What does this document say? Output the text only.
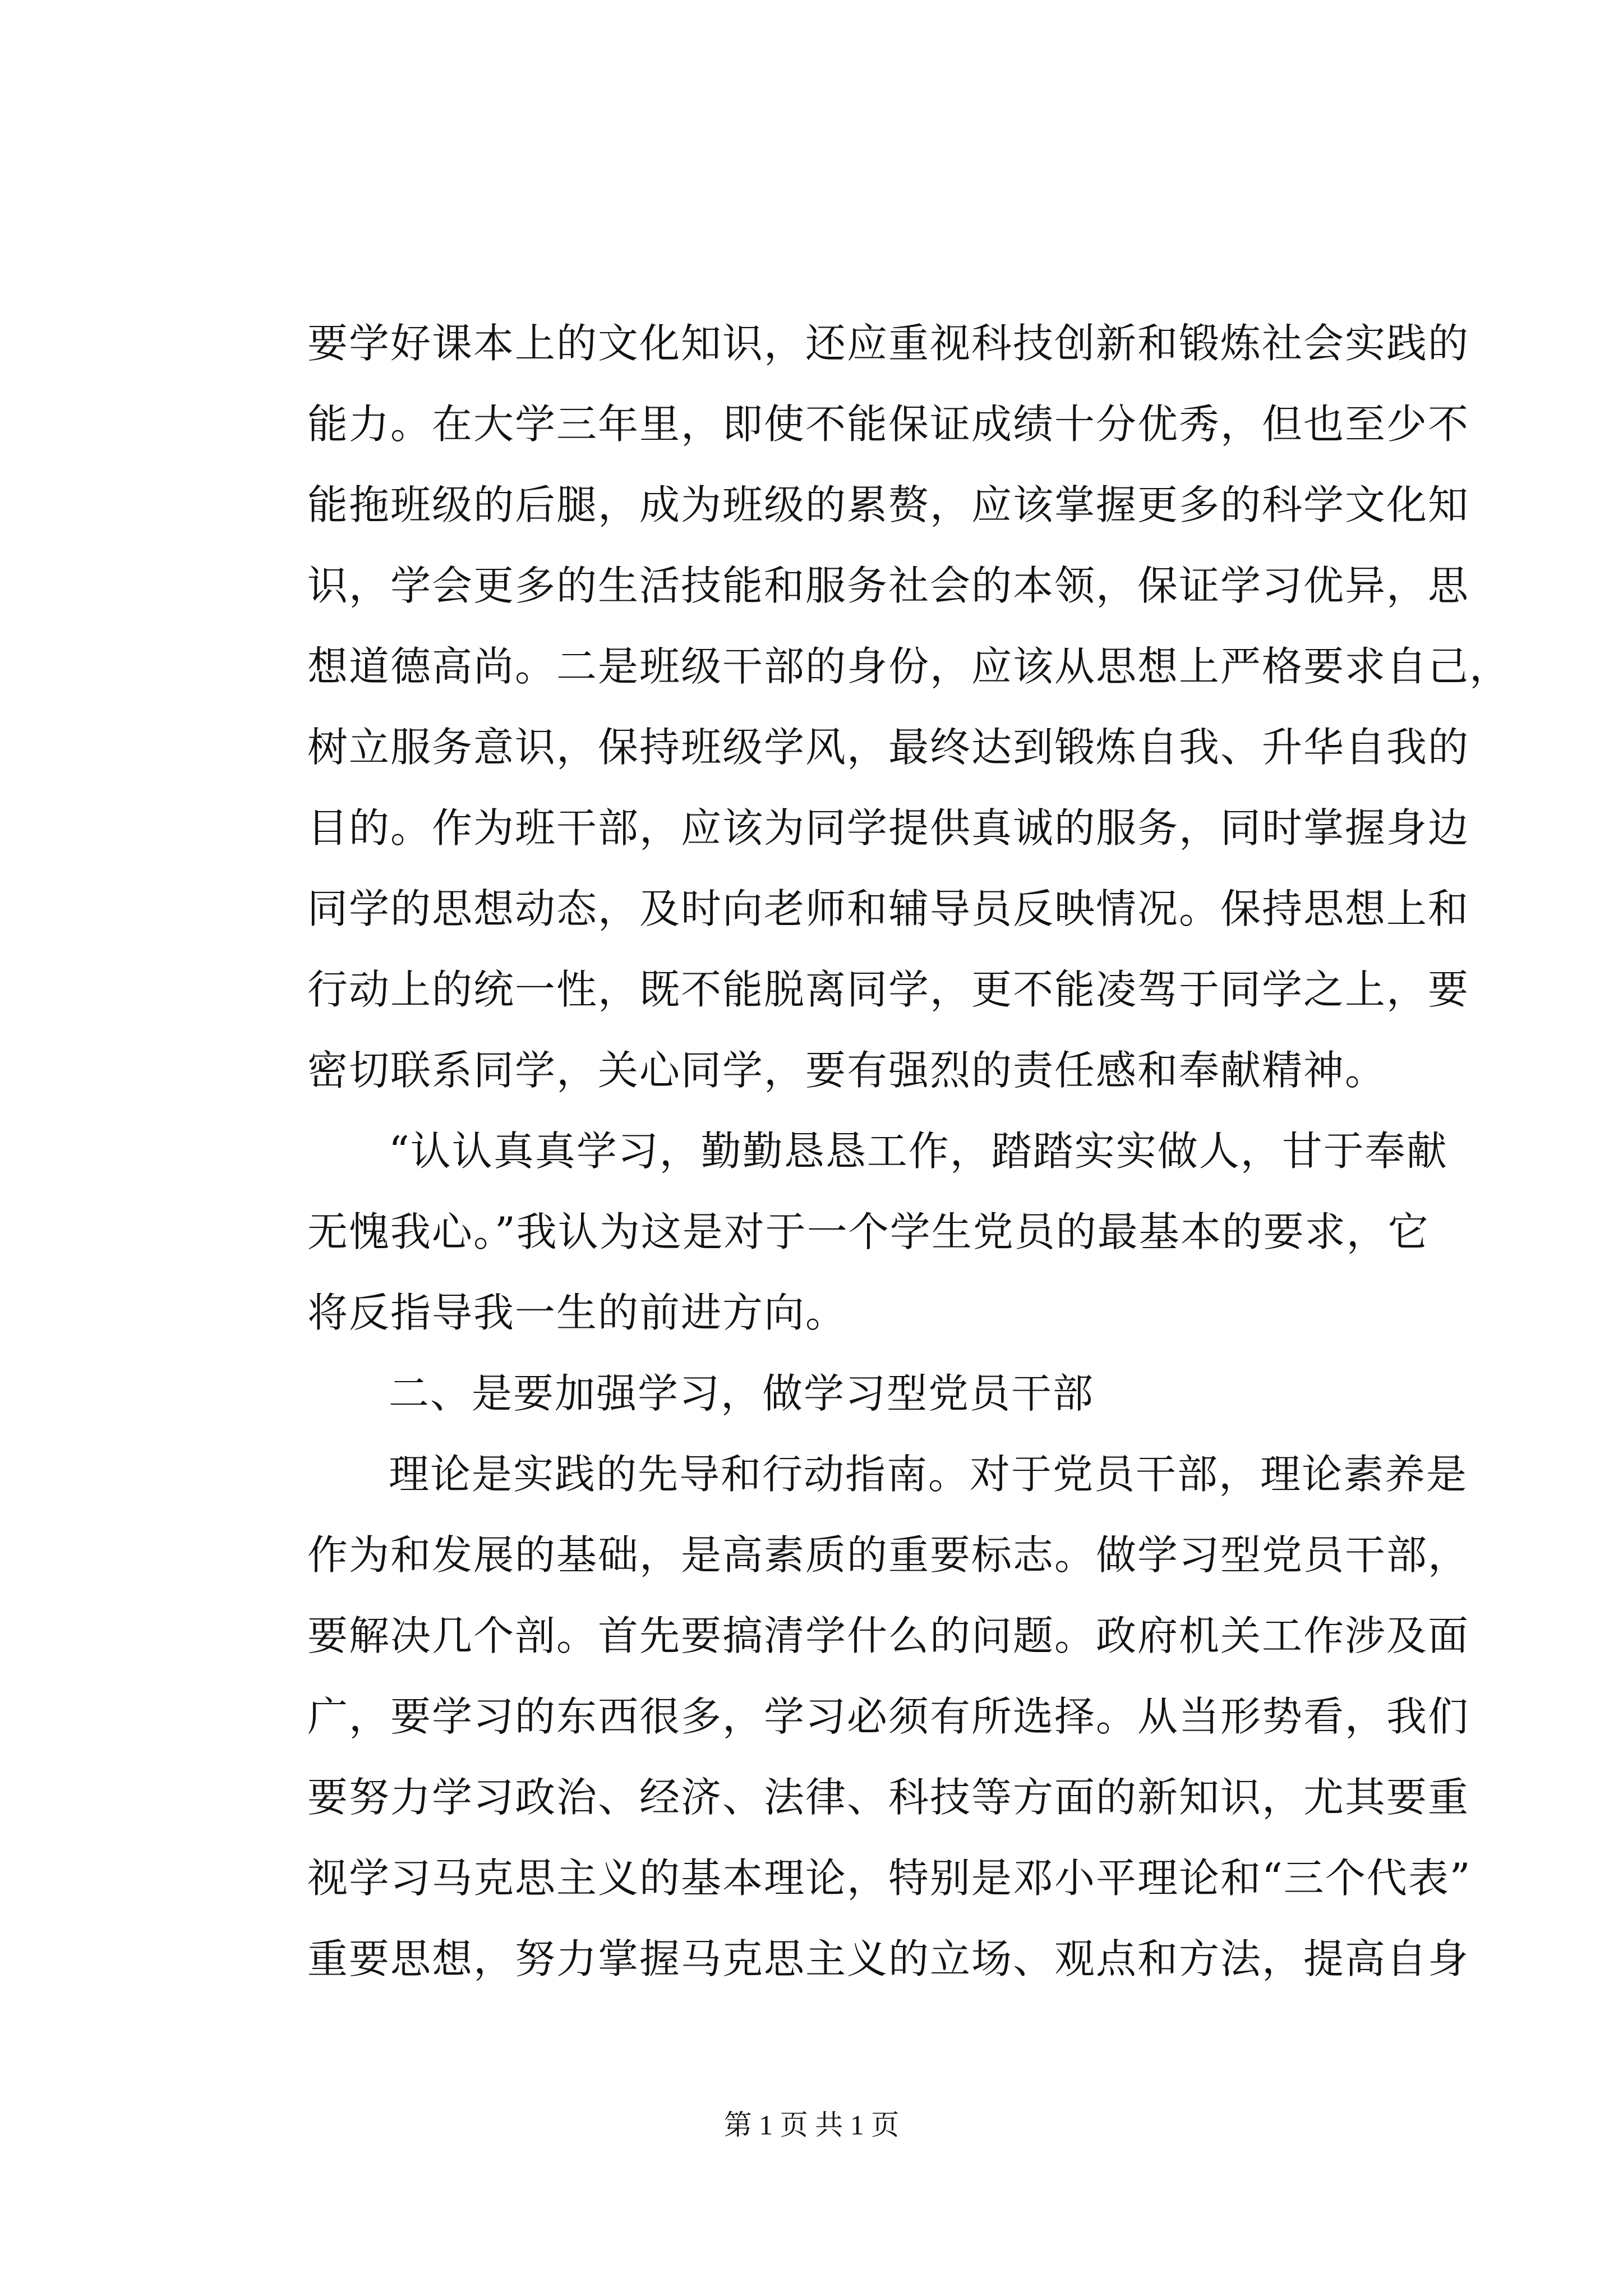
要学好课本上的文化知识，还应重视科技创新和锻炼社会实践的
能力。在大学三年里，即使不能保证成绩十分优秀，但也至少不
能拖班级的后腿，成为班级的累赘，应该掌握更多的科学文化知
识，学会更多的生活技能和服务社会的本领，保证学习优异，思
想道德高尚。二是班级干部的身份，应该从思想上严格要求自己，
树立服务意识，保持班级学风，最终达到锻炼自我、升华自我的
目的。作为班干部，应该为同学提供真诚的服务，同时掌握身边
同学的思想动态，及时向老师和辅导员反映情况。保持思想上和
行动上的统一性，既不能脱离同学，更不能凌驾于同学之上，要
密切联系同学，关心同学，要有强烈的责任感和奉献精神。
“认认真真学习，勤勤恳恳工作，踏踏实实做人，甘于奉献
无愧我心。”我认为这是对于一个学生党员的最基本的要求，它
将反指导我一生的前进方向。
二、是要加强学习，做学习型党员干部
理论是实践的先导和行动指南。对于党员干部，理论素养是
作为和发展的基础，是高素质的重要标志。做学习型党员干部，
要解决几个剖。首先要搞清学什么的问题。政府机关工作涉及面
广，要学习的东西很多，学习必须有所选择。从当形势看，我们
要努力学习政治、经济、法律、科技等方面的新知识，尤其要重
视学习马克思主义的基本理论，特别是邓小平理论和“三个代表”
重要思想，努力掌握马克思主义的立场、观点和方法，提高自身
第 1 页 共 1 页
